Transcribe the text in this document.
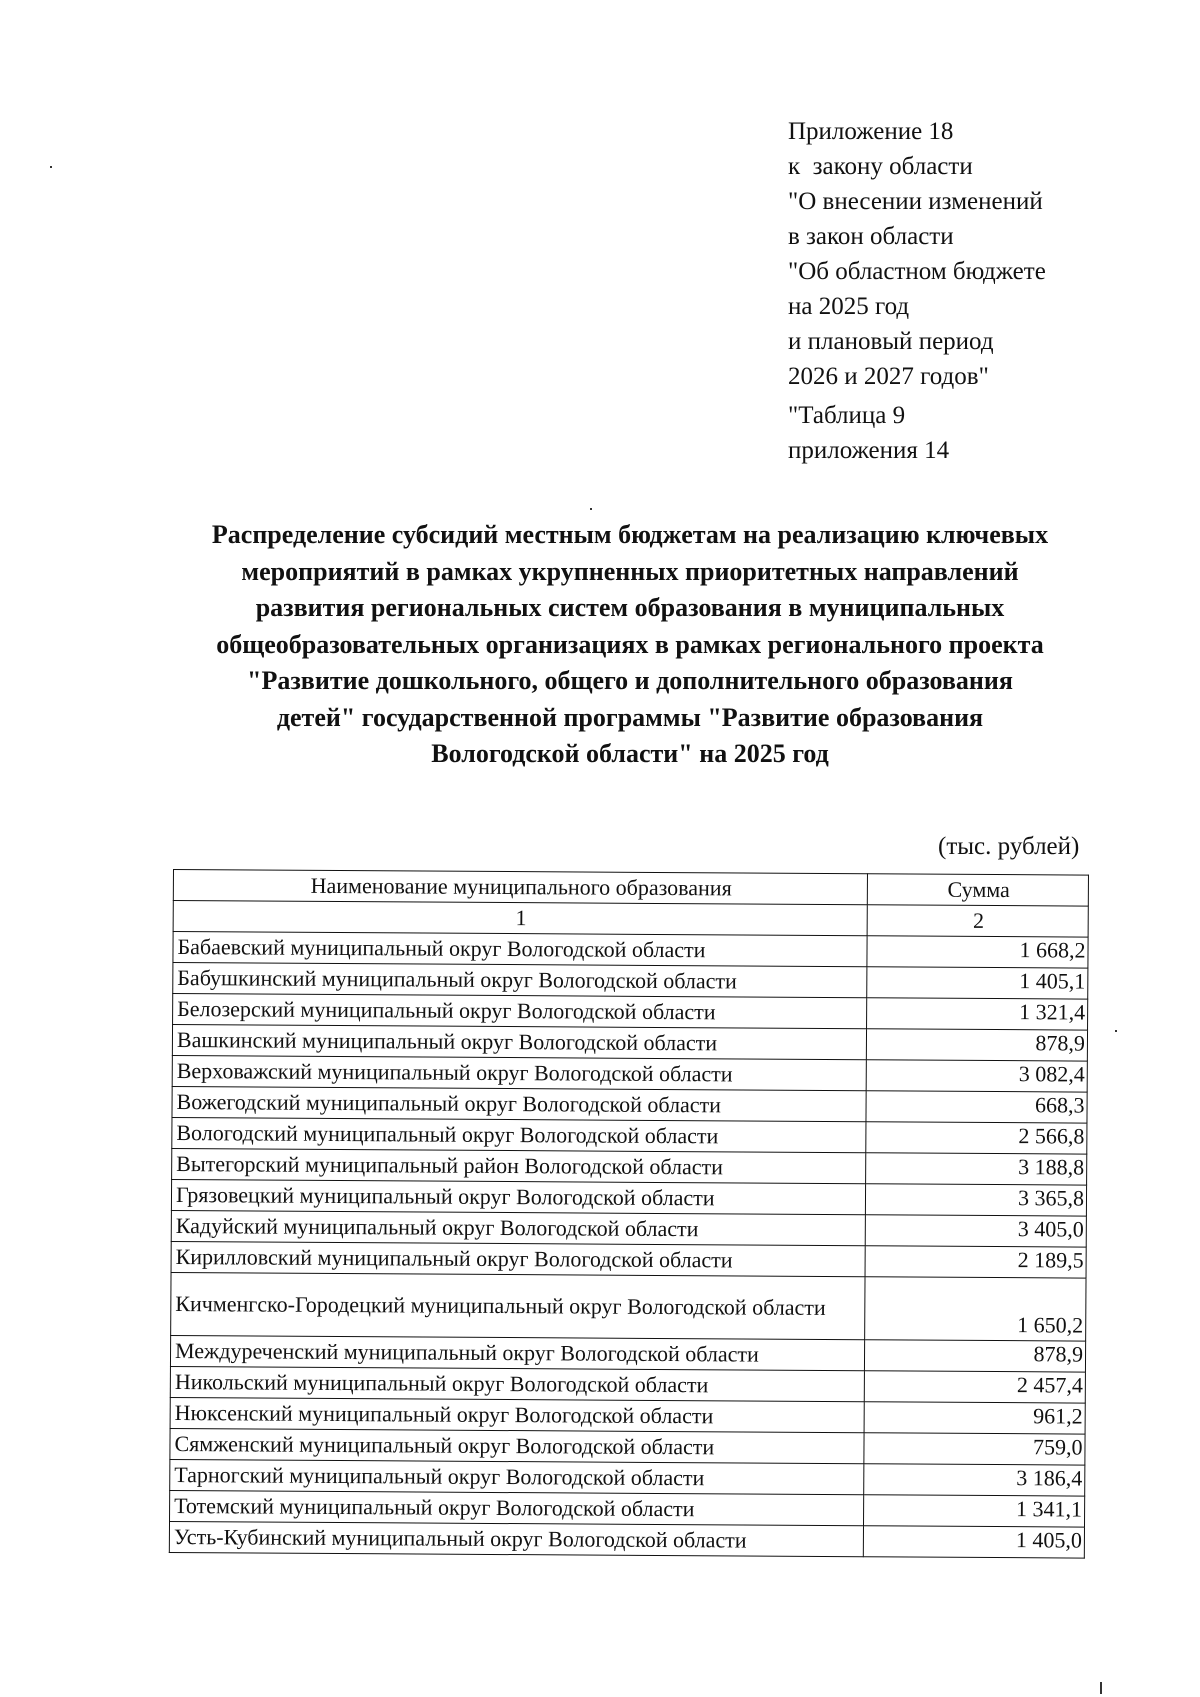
Приложение 18
к  закону области
"О внесении изменений
в закон области
"Об областном бюджете
на 2025 год
и плановый период
2026 и 2027 годов"
"Таблица 9
приложения 14
Распределение субсидий местным бюджетам на реализацию ключевых
мероприятий в рамках укрупненных приоритетных направлений
развития региональных систем образования в муниципальных
общеобразовательных организациях в рамках регионального проекта
"Развитие дошкольного, общего и дополнительного образования
детей" государственной программы "Развитие образования
Вологодской области" на 2025 год
(тыс. рублей)
Наименование муниципального образования	Сумма
1	2
Бабаевский муниципальный округ Вологодской области	1 668,2
Бабушкинский муниципальный округ Вологодской области	1 405,1
Белозерский муниципальный округ Вологодской области	1 321,4
Вашкинский муниципальный округ Вологодской области	878,9
Верховажский муниципальный округ Вологодской области	3 082,4
Вожегодский муниципальный округ Вологодской области	668,3
Вологодский муниципальный округ Вологодской области	2 566,8
Вытегорский муниципальный район Вологодской области	3 188,8
Грязовецкий муниципальный округ Вологодской области	3 365,8
Кадуйский муниципальный округ Вологодской области	3 405,0
Кирилловский муниципальный округ Вологодской области	2 189,5
Кичменгско-Городецкий муниципальный округ Вологодской области	1 650,2
Междуреченский муниципальный округ Вологодской области	878,9
Никольский муниципальный округ Вологодской области	2 457,4
Нюксенский муниципальный округ Вологодской области	961,2
Сямженский муниципальный округ Вологодской области	759,0
Тарногский муниципальный округ Вологодской области	3 186,4
Тотемский муниципальный округ Вологодской области	1 341,1
Усть-Кубинский муниципальный округ Вологодской области	1 405,0
